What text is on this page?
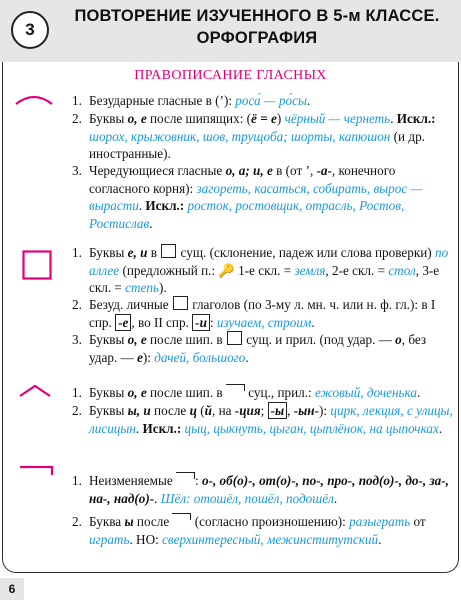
3
ПОВТОРЕНИЕ ИЗУЧЕННОГО В 5-м КЛАССЕ.
ОРФОГРАФИЯ
ПРАВОПИСАНИЕ ГЛАСНЫХ
1. Безударные гласные в (ʼ): роса́ — ро́сы.
2. Буквы о, е после шипящих: (ё = е) чёрный — чернеть. Искл.: шорох, крыжовник, шов, трущоба; шорты, капюшон (и др. иностранные).
3. Чередующиеся гласные о, а; и, е в (от ʼ, -а-, конечного согласного корня): загореть, касаться, собирать, вырос — вырасти. Искл.: росток, ростовщик, отрасль, Ростов, Ростислав.
1. Буквы е, и в  сущ. (склонение, падеж или слова проверки) по аллее (предложный п.: 🔑 1-е скл. = земля, 2-е скл. = стол, 3-е скл. = степь).
2. Безуд. личные  глаголов (по 3-му л. мн. ч. или н. ф. гл.): в I спр. -е , во II спр. -и : изучаем, строим.
3. Буквы о, е после шип. в  сущ. и прил. (под удар. — о, без удар. — е): дачей, большого.
1. Буквы о, е после шип. в  суц., прил.: ежовый, доченька.
2. Буквы ы, и после ц (й, на -ция; -ы , -ын-): цирк, лекция, с улицы, лисицын. Искл.: цыц, цыкнуть, цыган, цыплёнок, на цыпочках.
1. Неизменяемые : о-, об(о)-, от(о)-, по-, про-, под(о)-, до-, за-, на-, над(о)-. Шёл: отошёл, пошёл, подошёл.
2. Буква ы после  (согласно произношению): разыграть от играть. НО: сверхинтересный, межинститутский.
6
